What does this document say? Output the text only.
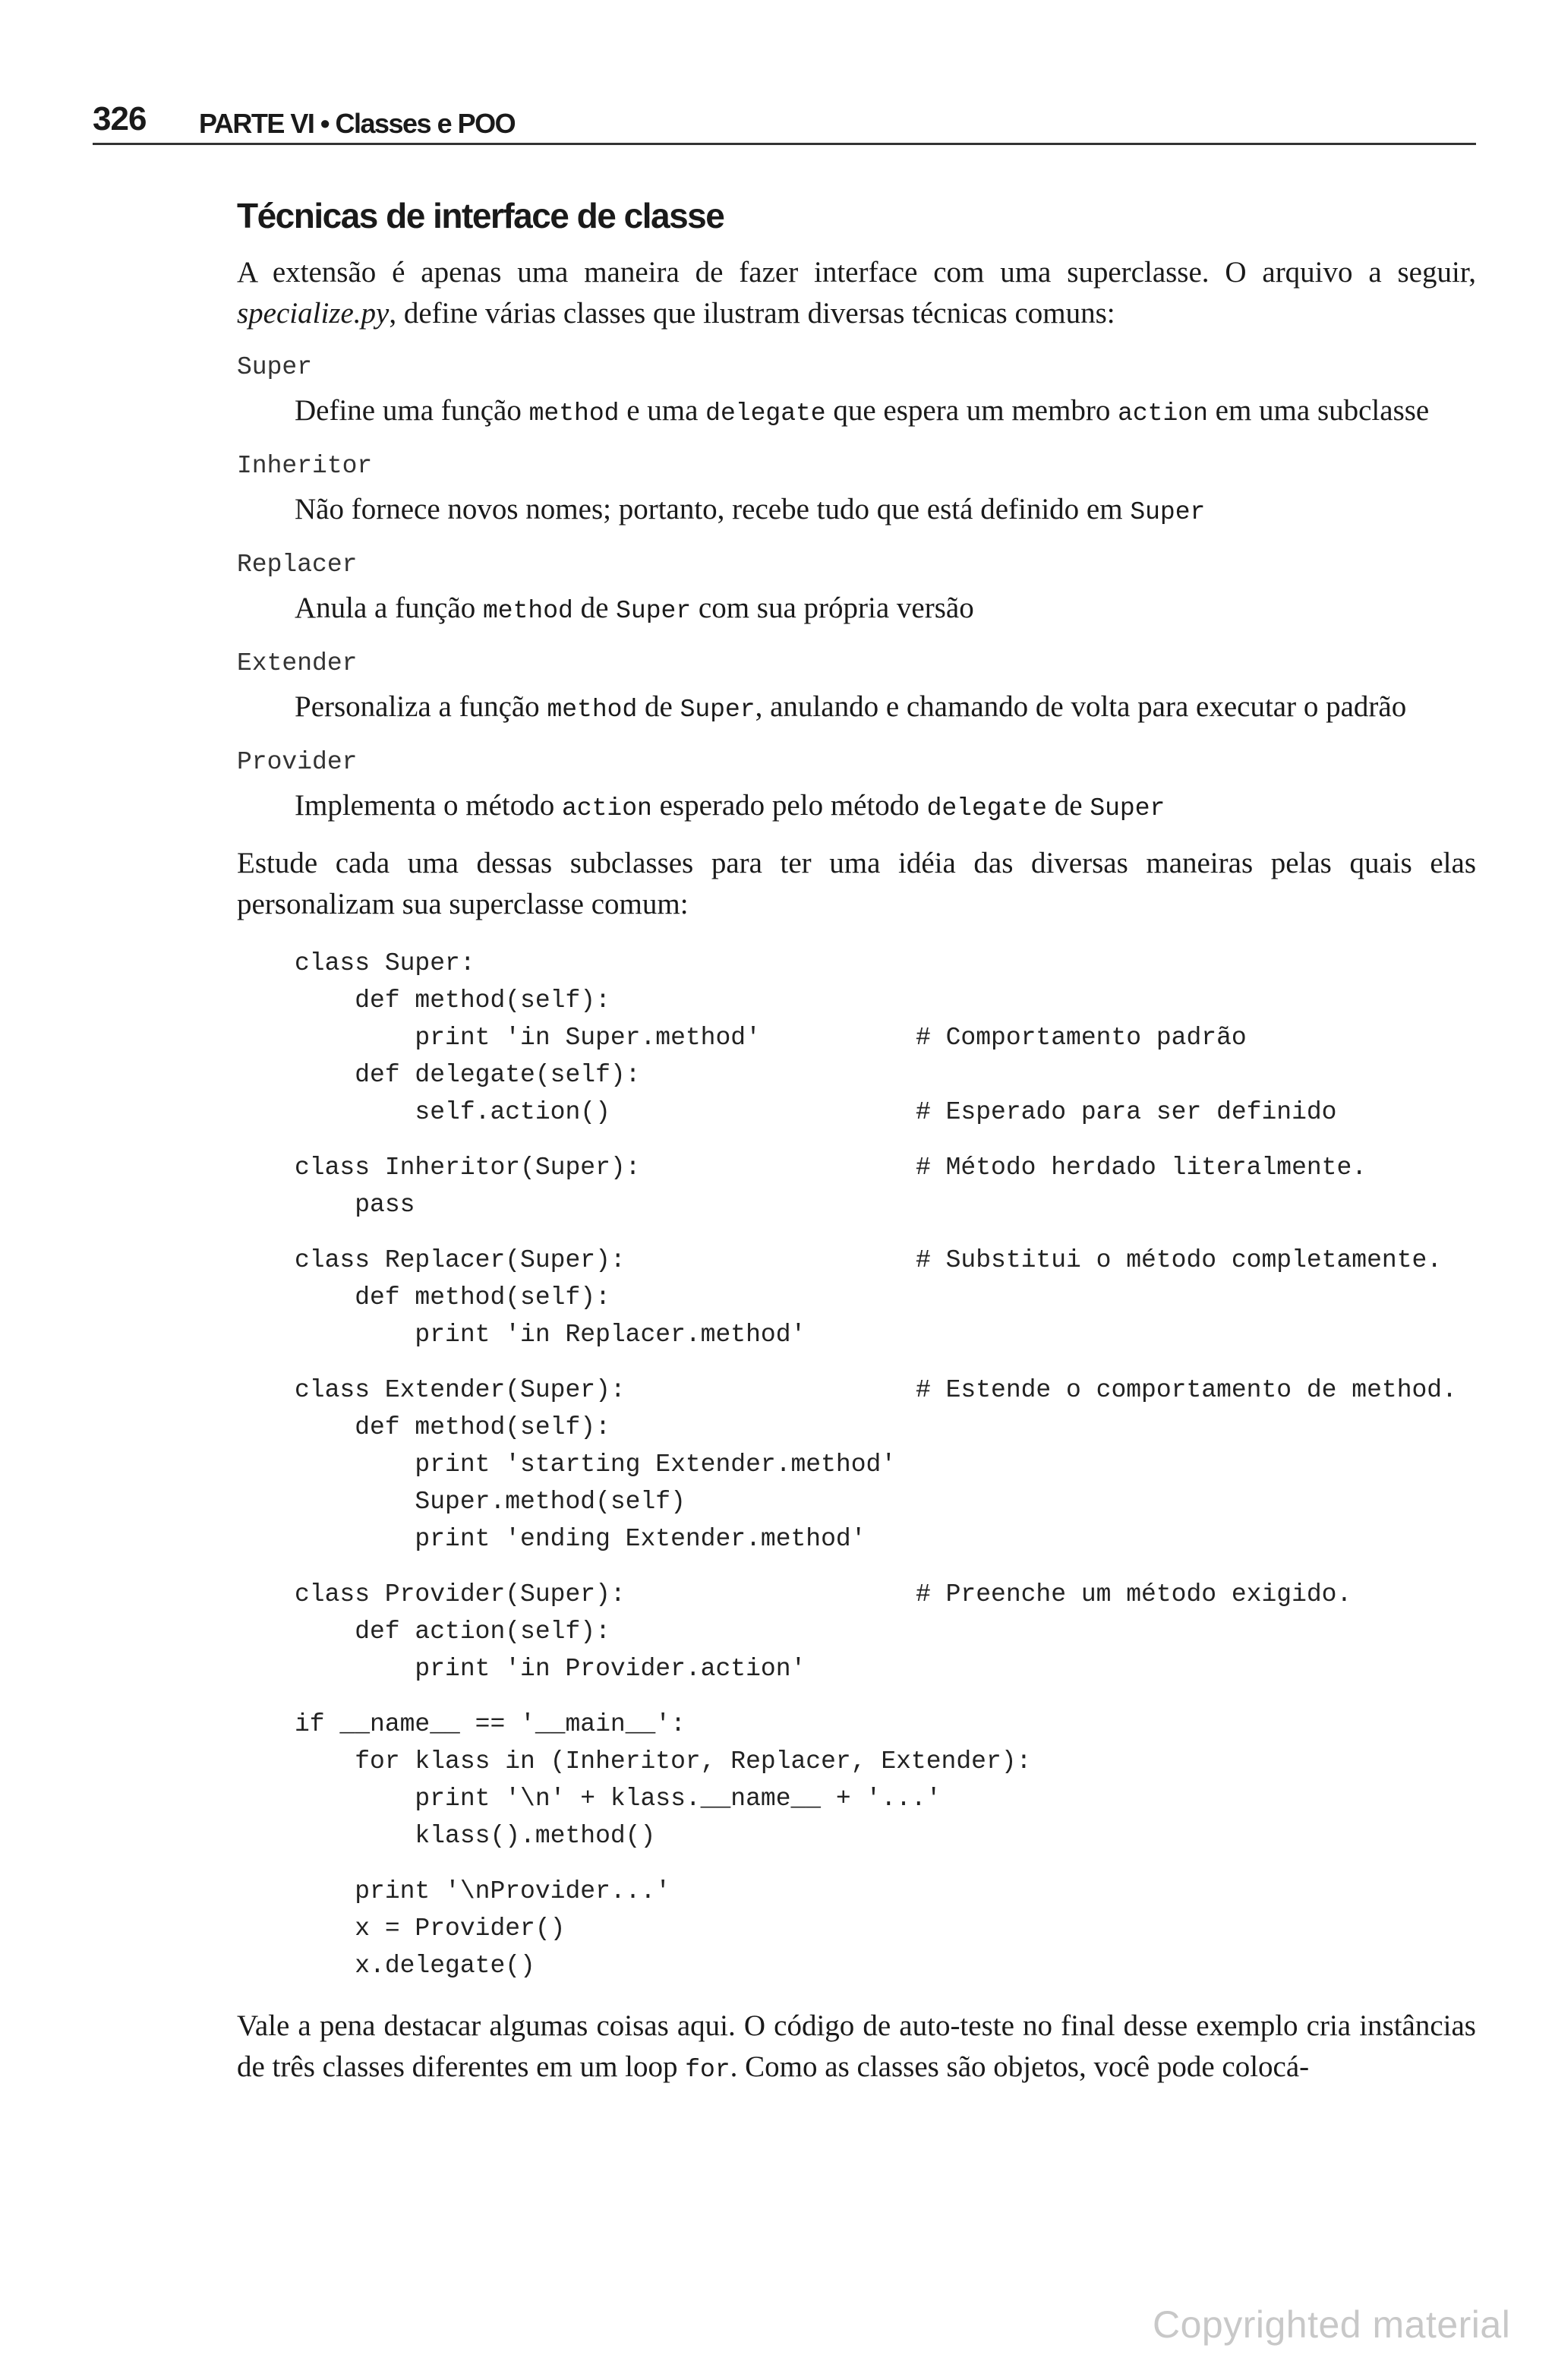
326 PARTE VI • Classes e POO
Técnicas de interface de classe

A extensão é apenas uma maneira de fazer interface com uma superclasse. O arquivo a seguir, specialize.py, define várias classes que ilustram diversas técnicas comuns:

Super

Define uma função method e uma delegate que espera um membro action em uma subclasse

Inheritor

Não fornece novos nomes; portanto, recebe tudo que está definido em Super

Replacer

Anula a função method de Super com sua própria versão

Extender

Personaliza a função method de Super, anulando e chamando de volta para executar o padrão

Provider

Implementa o método action esperado pelo método delegate de Super

Estude cada uma dessas subclasses para ter uma idéia das diversas maneiras pelas quais elas personalizam sua superclasse comum:

class Super:
def method(self):
print 'in Super.method'	# Comportamento padrão
def delegate(self):
self.action()	# Esperado para ser definido
class Inheritor(Super):	# Método herdado literalmente.
pass
class Replacer(Super):	# Substitui o método completamente.
def method(self):
print 'in Replacer.method'
class Extender(Super):	# Estende o comportamento de method.
def method(self):
print 'starting Extender.method'
Super.method(self)
print 'ending Extender.method'
class Provider(Super):	# Preenche um método exigido.
def action(self):
print 'in Provider.action'
if __name__ == '__main__':
for klass in (Inheritor, Replacer, Extender):
print '\n' + klass.__name__ + '...'
klass().method()
print '\nProvider...'
x = Provider()
x.delegate()

Vale a pena destacar algumas coisas aqui. O código de auto-teste no final desse exemplo cria instâncias de três classes diferentes em um loop for. Como as classes são objetos, você pode colocá-

Copyrighted material
